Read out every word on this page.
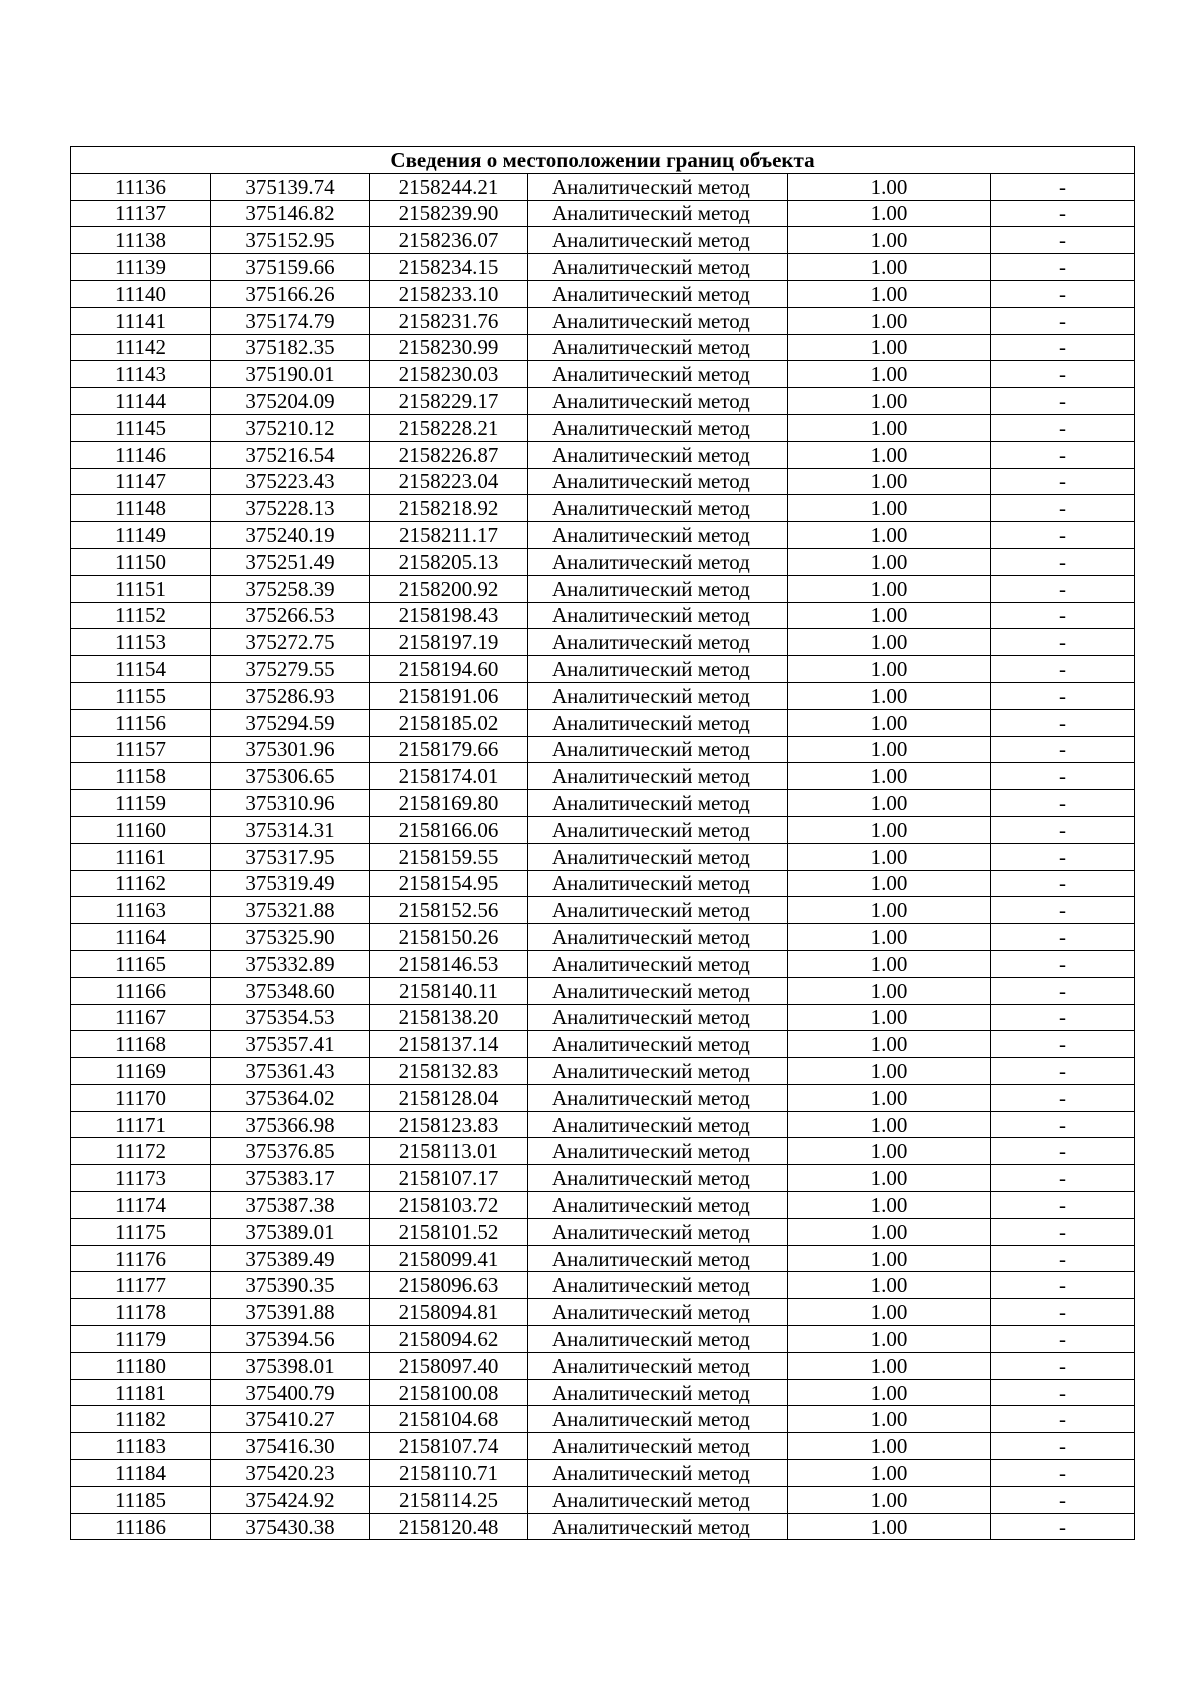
Сведения о местоположении границ объекта					
11136	375139.74	2158244.21	Аналитический метод	1.00	-
11137	375146.82	2158239.90	Аналитический метод	1.00	-
11138	375152.95	2158236.07	Аналитический метод	1.00	-
11139	375159.66	2158234.15	Аналитический метод	1.00	-
11140	375166.26	2158233.10	Аналитический метод	1.00	-
11141	375174.79	2158231.76	Аналитический метод	1.00	-
11142	375182.35	2158230.99	Аналитический метод	1.00	-
11143	375190.01	2158230.03	Аналитический метод	1.00	-
11144	375204.09	2158229.17	Аналитический метод	1.00	-
11145	375210.12	2158228.21	Аналитический метод	1.00	-
11146	375216.54	2158226.87	Аналитический метод	1.00	-
11147	375223.43	2158223.04	Аналитический метод	1.00	-
11148	375228.13	2158218.92	Аналитический метод	1.00	-
11149	375240.19	2158211.17	Аналитический метод	1.00	-
11150	375251.49	2158205.13	Аналитический метод	1.00	-
11151	375258.39	2158200.92	Аналитический метод	1.00	-
11152	375266.53	2158198.43	Аналитический метод	1.00	-
11153	375272.75	2158197.19	Аналитический метод	1.00	-
11154	375279.55	2158194.60	Аналитический метод	1.00	-
11155	375286.93	2158191.06	Аналитический метод	1.00	-
11156	375294.59	2158185.02	Аналитический метод	1.00	-
11157	375301.96	2158179.66	Аналитический метод	1.00	-
11158	375306.65	2158174.01	Аналитический метод	1.00	-
11159	375310.96	2158169.80	Аналитический метод	1.00	-
11160	375314.31	2158166.06	Аналитический метод	1.00	-
11161	375317.95	2158159.55	Аналитический метод	1.00	-
11162	375319.49	2158154.95	Аналитический метод	1.00	-
11163	375321.88	2158152.56	Аналитический метод	1.00	-
11164	375325.90	2158150.26	Аналитический метод	1.00	-
11165	375332.89	2158146.53	Аналитический метод	1.00	-
11166	375348.60	2158140.11	Аналитический метод	1.00	-
11167	375354.53	2158138.20	Аналитический метод	1.00	-
11168	375357.41	2158137.14	Аналитический метод	1.00	-
11169	375361.43	2158132.83	Аналитический метод	1.00	-
11170	375364.02	2158128.04	Аналитический метод	1.00	-
11171	375366.98	2158123.83	Аналитический метод	1.00	-
11172	375376.85	2158113.01	Аналитический метод	1.00	-
11173	375383.17	2158107.17	Аналитический метод	1.00	-
11174	375387.38	2158103.72	Аналитический метод	1.00	-
11175	375389.01	2158101.52	Аналитический метод	1.00	-
11176	375389.49	2158099.41	Аналитический метод	1.00	-
11177	375390.35	2158096.63	Аналитический метод	1.00	-
11178	375391.88	2158094.81	Аналитический метод	1.00	-
11179	375394.56	2158094.62	Аналитический метод	1.00	-
11180	375398.01	2158097.40	Аналитический метод	1.00	-
11181	375400.79	2158100.08	Аналитический метод	1.00	-
11182	375410.27	2158104.68	Аналитический метод	1.00	-
11183	375416.30	2158107.74	Аналитический метод	1.00	-
11184	375420.23	2158110.71	Аналитический метод	1.00	-
11185	375424.92	2158114.25	Аналитический метод	1.00	-
11186	375430.38	2158120.48	Аналитический метод	1.00	-
